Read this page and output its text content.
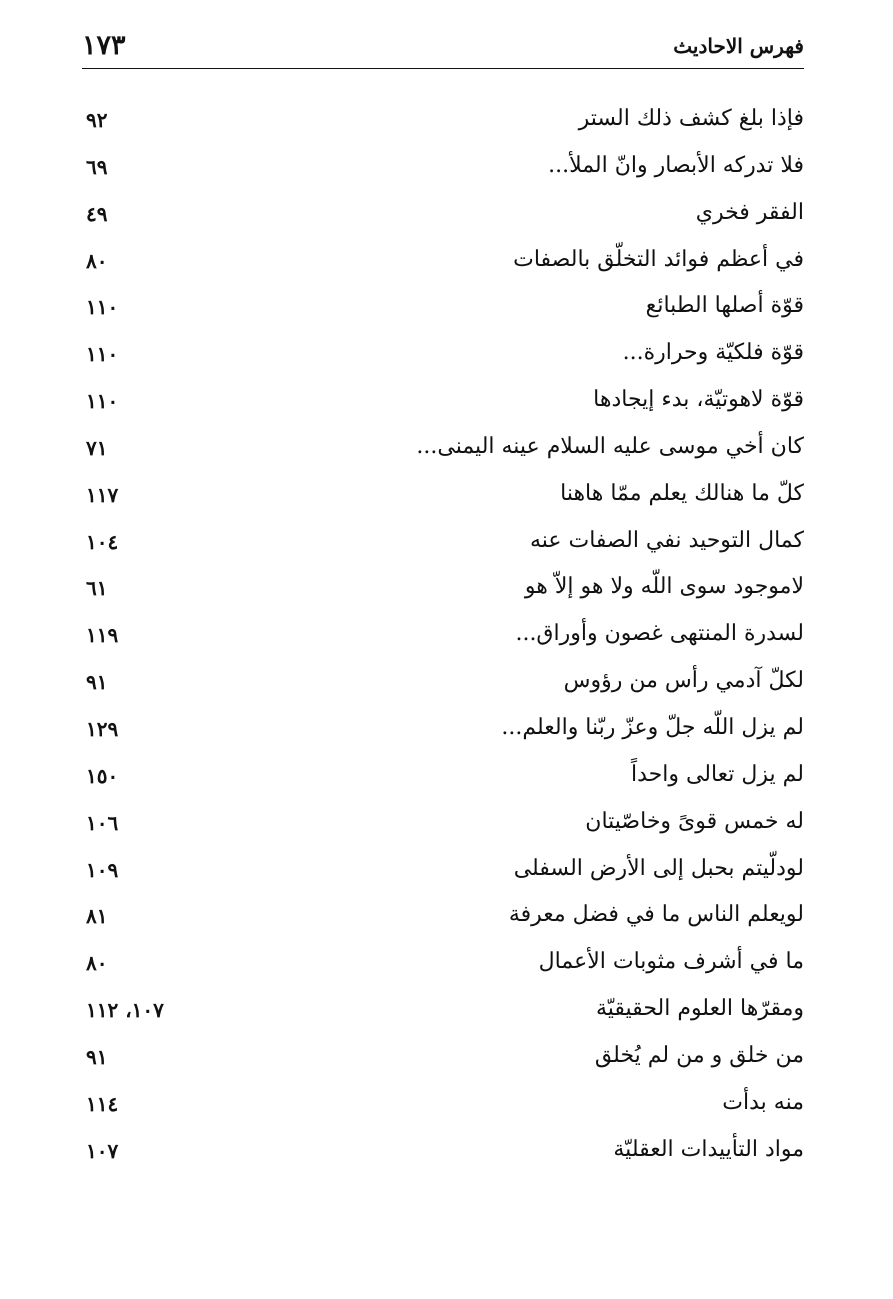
١٧٣	فهرس الاحاديث
فإذا بلغ كشف ذلك الستر
٩٢
فلا تدركه الأبصار وانّ الملأ...
٦٩
الفقر فخري
٤٩
في أعظم فوائد التخلّق بالصفات
٨٠
قوّة أصلها الطبائع
١١٠
قوّة فلكيّة وحرارة...
١١٠
قوّة لاهوتيّة، بدء إيجادها
١١٠
كان أخي موسى عليه السلام عينه اليمنى...
٧١
كلّ ما هنالك يعلم ممّا هاهنا
١١٧
كمال التوحيد نفي الصفات عنه
١٠٤
لاموجود سوى اللّه ولا هو إلاّ هو
٦١
لسدرة المنتهى غصون وأوراق...
١١٩
لكلّ آدمي رأس من رؤوس
٩١
لم يزل اللّه جلّ وعزّ ربّنا والعلم...
١٢٩
لم يزل تعالى واحداً
١٥٠
له خمس قوىً وخاصّيتان
١٠٦
لودلّيتم بحبل إلى الأرض السفلى
١٠٩
لويعلم الناس ما في فضل معرفة
٨١
ما في أشرف مثوبات الأعمال
٨٠
ومقرّها العلوم الحقيقيّة
١٠٧، ١١٢
من خلق و من لم يُخلق
٩١
منه بدأت
١١٤
مواد التأييدات العقليّة
١٠٧
